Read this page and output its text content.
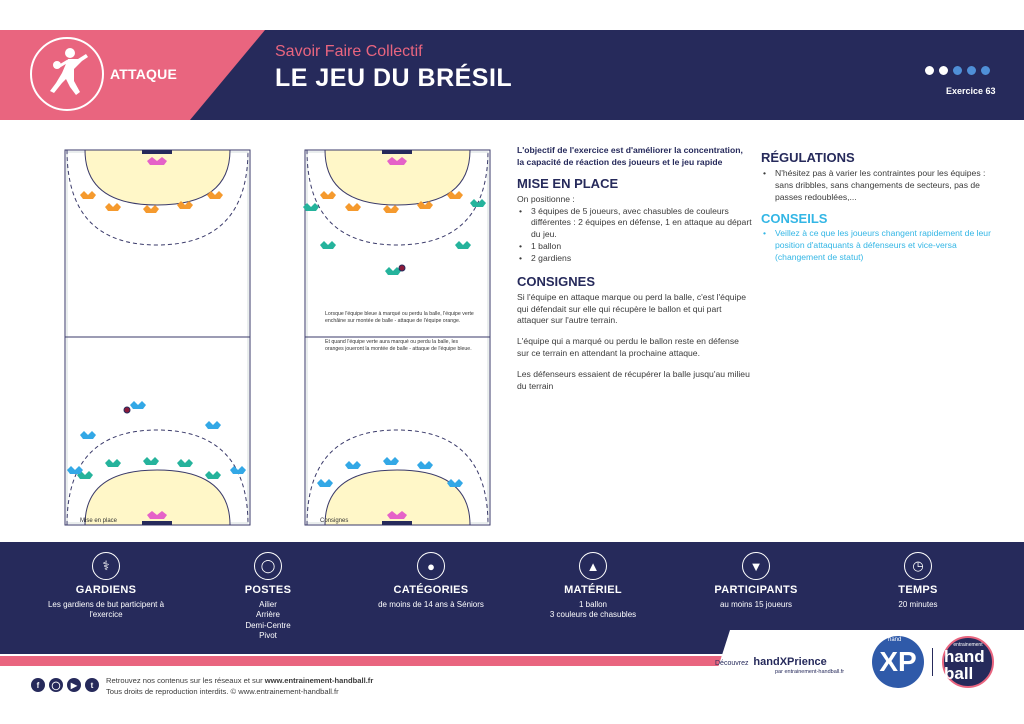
ATTAQUE
Savoir Faire Collectif
LE JEU DU BRÉSIL	Exercice 63
Mise en place
Lorsque l'équipe bleue à marqué ou perdu la balle, l'équipe verte enchâine sur montée de balle - attaque de l'équipe orange.
Et quand l'équipe verte aura marqué ou perdu la balle, les oranges joueront la montée de balle - attaque de l'équipe bleue.
Consignes
L'objectif de l'exercice est d'améliorer la concentration, la capacité de réaction des joueurs et le jeu rapide
MISE EN PLACE
On positionne :
• 3 équipes de 5 joueurs, avec chasubles de couleurs différentes : 2 équipes en défense, 1 en attaque au départ du jeu.
• 1 ballon
• 2 gardiens
CONSIGNES
Si l'équipe en attaque marque ou perd la balle, c'est l'équipe qui défendait sur elle qui récupère le ballon et qui part attaquer sur l'autre terrain.
L'équipe qui a marqué ou perdu le ballon reste en défense sur ce terrain en attendant la prochaine attaque.
Les défenseurs essaient de récupérer la balle jusqu'au milieu du terrain
RÉGULATIONS
• N'hésitez pas à varier les contraintes pour les équipes : sans dribbles, sans changements de secteurs, pas de passes redoublées,...
CONSEILS
• Veillez à ce que les joueurs changent rapidement de leur position d'attaquants à défenseurs et vice-versa (changement de statut)
⚕
GARDIENS
Les gardiens de but participent à l'exercice
◯
POSTES
Ailier
Arrière
Demi-Centre
Pivot
●
CATÉGORIES
de moins de 14 ans à Séniors
▲
MATÉRIEL
1 ballon
3 couleurs de chasubles
▼
PARTICIPANTS
au moins 15 joueurs
◷
TEMPS
20 minutes
Découvrez handXPrience
par entrainement-handball.fr XP
hand
entrainement
hand ball
f	◯	▶	t	Retrouvez nos contenus sur les réseaux et sur www.entrainement-handball.fr
Tous droits de reproduction interdits. © www.entrainement-handball.fr
